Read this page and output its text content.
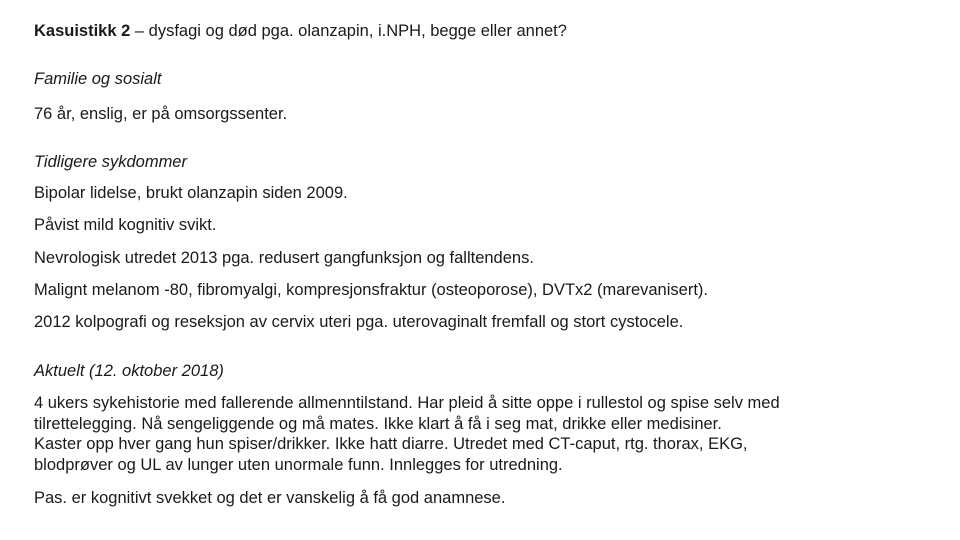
Kasuistikk 2 – dysfagi og død pga. olanzapin, i.NPH, begge eller annet?

Familie og sosialt

76 år, enslig, er på omsorgssenter.

Tidligere sykdommer

Bipolar lidelse, brukt olanzapin siden 2009.

Påvist mild kognitiv svikt.

Nevrologisk utredet 2013 pga. redusert gangfunksjon og falltendens.

Malignt melanom -80, fibromyalgi, kompresjonsfraktur (osteoporose), DVTx2 (marevanisert).

2012 kolpografi og reseksjon av cervix uteri pga. uterovaginalt fremfall og stort cystocele.

Aktuelt (12. oktober 2018)

4 ukers sykehistorie med fallerende allmenntilstand. Har pleid å sitte oppe i rullestol og spise selv med
tilrettelegging. Nå sengeliggende og må mates. Ikke klart å få i seg mat, drikke eller medisiner.
Kaster opp hver gang hun spiser/drikker. Ikke hatt diarre. Utredet med CT-caput, rtg. thorax, EKG,
blodprøver og UL av lunger uten unormale funn. Innlegges for utredning.

Pas. er kognitivt svekket og det er vanskelig å få god anamnese.
